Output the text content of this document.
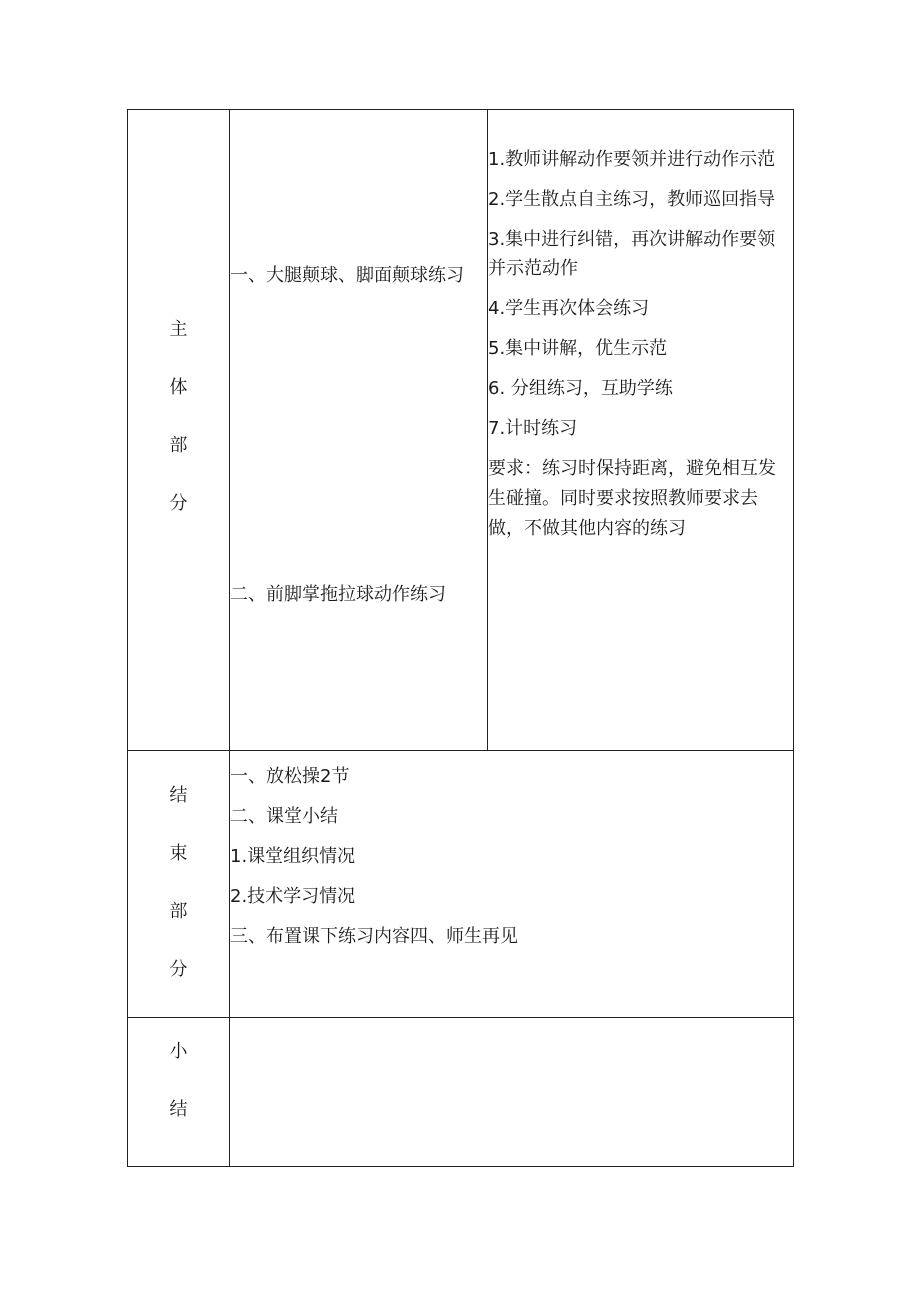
主
体
部
分
一、大腿颠球、脚面颠球练习
二、前脚掌拖拉球动作练习

1.教师讲解动作要领并进行动作示范

2.学生散点自主练习，教师巡回指导

3.集中进行纠错，再次讲解动作要领并示范动作

4.学生再次体会练习

5.集中讲解，优生示范

6. 分组练习，互助学练

7.计时练习

要求：练习时保持距离，避免相互发生碰撞。同时要求按照教师要求去做，不做其他内容的练习

结
束
部
分
一、放松操2节
二、课堂小结
1.课堂组织情况
2.技术学习情况
三、布置课下练习内容四、师生再见
小
结
